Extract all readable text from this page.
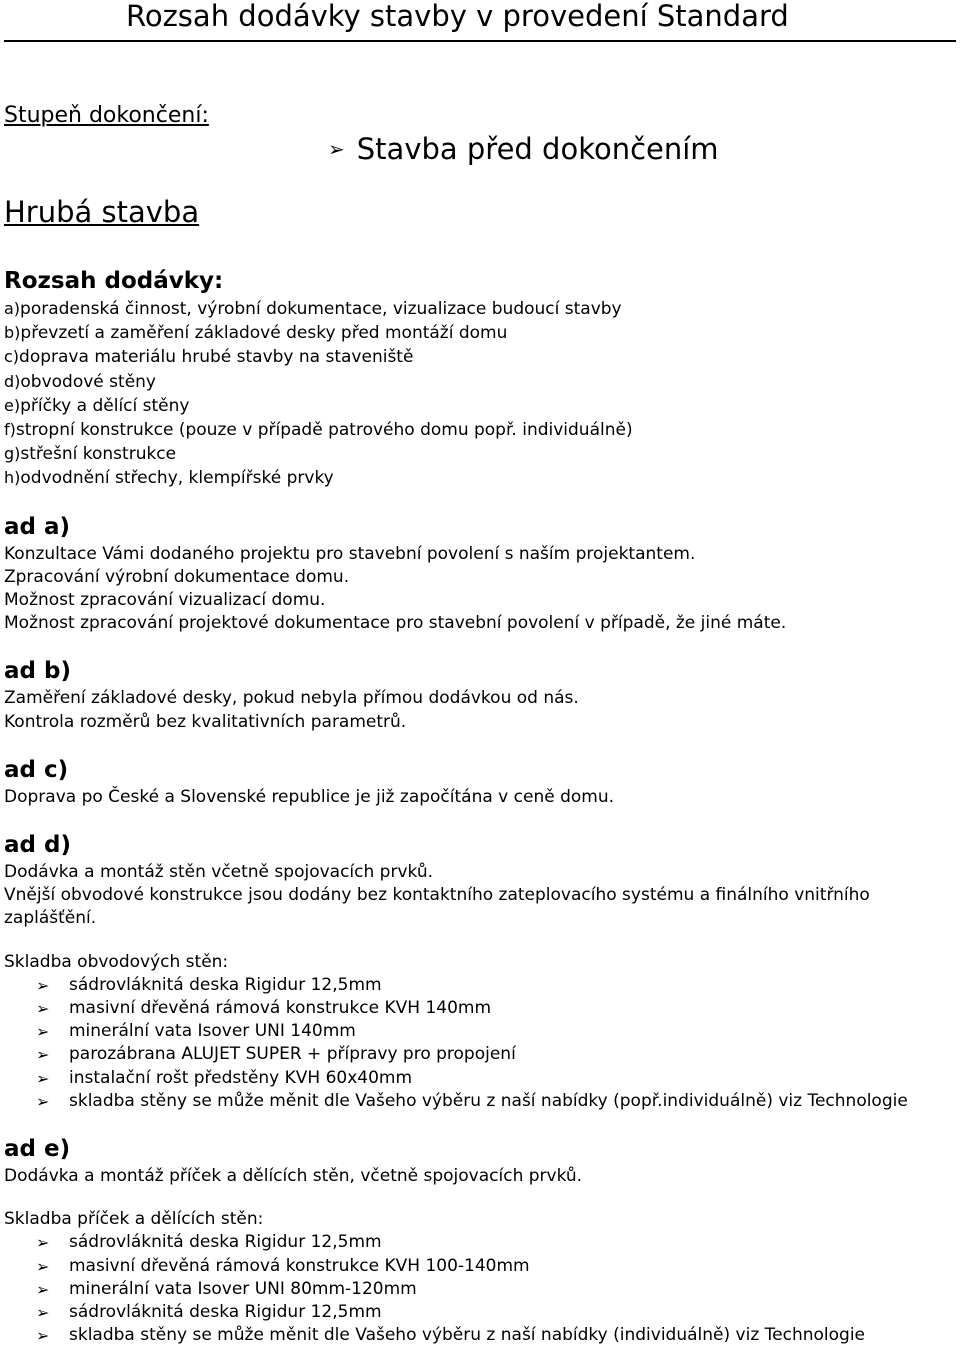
Rozsah dodávky stavby v provedení Standard
Stupeň dokončení:
➢ Stavba před dokončením
Hrubá stavba
Rozsah dodávky:

a)poradenská činnost, výrobní dokumentace, vizualizace budoucí stavby

b)převzetí a zaměření základové desky před montáží domu

c)doprava materiálu hrubé stavby na staveniště

d)obvodové stěny

e)příčky a dělící stěny

f)stropní konstrukce (pouze v případě patrového domu popř. individuálně)

g)střešní konstrukce

h)odvodnění střechy, klempířské prvky

ad a)

Konzultace Vámi dodaného projektu pro stavební povolení s naším projektantem.

Zpracování výrobní dokumentace domu.

Možnost zpracování vizualizací domu.

Možnost zpracování projektové dokumentace pro stavební povolení v případě, že jiné máte.

ad b)

Zaměření základové desky, pokud nebyla přímou dodávkou od nás.

Kontrola rozměrů bez kvalitativních parametrů.

ad c)

Doprava po České a Slovenské republice je již započítána v ceně domu.

ad d)

Dodávka a montáž stěn včetně spojovacích prvků.

Vnější obvodové konstrukce jsou dodány bez kontaktního zateplovacího systému a finálního vnitřního zaplášťění.

Skladba obvodových stěn:

➢ sádrovláknitá deska Rigidur 12,5mm
➢ masivní dřevěná rámová konstrukce KVH 140mm
➢ minerální vata Isover UNI 140mm
➢ parozábrana ALUJET SUPER + přípravy pro propojení
➢ instalační rošt předstěny KVH 60x40mm
➢ skladba stěny se může měnit dle Vašeho výběru z naší nabídky (popř.individuálně) viz Technologie
ad e)

Dodávka a montáž příček a dělících stěn, včetně spojovacích prvků.

Skladba příček a dělících stěn:

➢ sádrovláknitá deska Rigidur 12,5mm
➢ masivní dřevěná rámová konstrukce KVH 100-140mm
➢ minerální vata Isover UNI 80mm-120mm
➢ sádrovláknitá deska Rigidur 12,5mm
➢ skladba stěny se může měnit dle Vašeho výběru z naší nabídky (individuálně) viz Technologie
